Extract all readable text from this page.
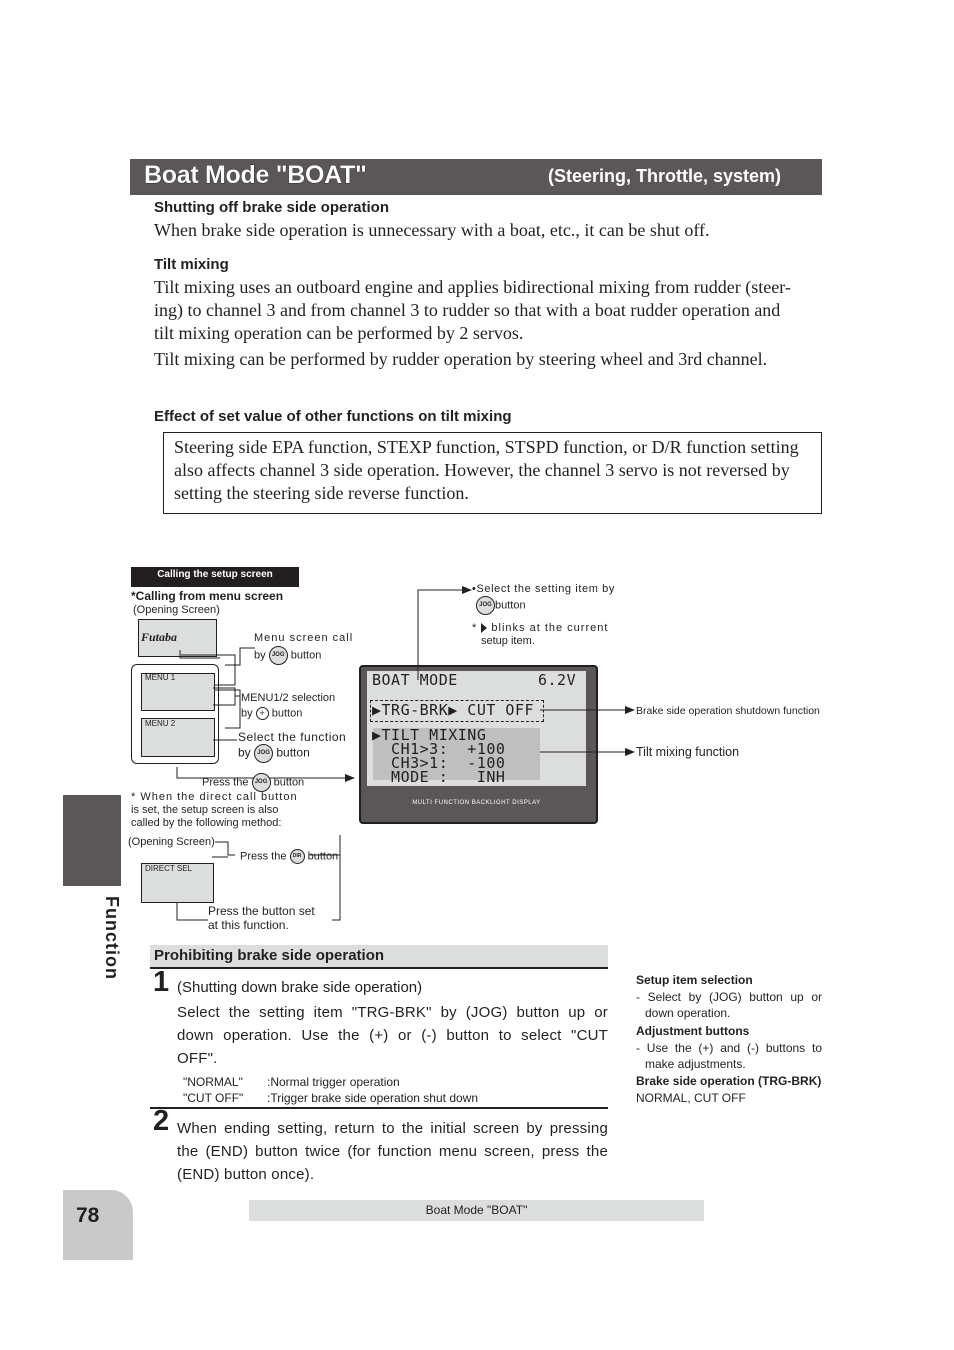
Boat Mode "BOAT"	(Steering, Throttle, system)
Shutting off brake side operation
When brake side operation is unnecessary with a boat, etc., it can be shut off.
Tilt mixing
Tilt mixing uses an outboard engine and applies bidirectional mixing from rudder (steer-
ing) to channel 3 and from channel 3 to rudder so that with a boat rudder operation and
tilt mixing operation can be performed by 2 servos.
Tilt mixing can be performed by rudder operation by steering wheel and 3rd channel.
Effect of set value of other functions on tilt mixing
Steering side EPA function, STEXP function, STSPD function, or D/R function setting
also affects channel 3 side operation. However, the channel 3 servo is not reversed by
setting the steering side reverse function.
Calling the setup screen
*Calling from menu screen
(Opening Screen)
Futaba
MENU 1
MENU 2
Menu screen call
by JOG button
MENU1/2 selection
by + button
Select the function
by JOG button
Press the JOG button
* When the direct call button
is set, the setup screen is also
called by the following method:
(Opening Screen)
DIRECT SEL
Press the DIR button
Press the button set
at this function.
BOAT MODE	6.2V
▶TRG-BRK▶ CUT OFF
▶TILT MIXING
CH1>3:  +100
CH3>1:  -100
MODE :   INH
MULTI FUNCTION BACKLIGHT DISPLAY
•Select the setting item by
JOG button
* blinks at the current
setup item.
Brake side operation shutdown function
Tilt mixing function
Function Prohibiting brake side operation
1 (Shutting down brake side operation)
Select the setting item "TRG-BRK" by (JOG) button up or
down operation. Use the (+) or (-) button to select "CUT
OFF".
"NORMAL" :Normal trigger operation
"CUT OFF" :Trigger brake side operation shut down
2 When ending setting, return to the initial screen by pressing
the (END) button twice (for function menu screen, press the
(END) button once).
Setup item selection
- Select by (JOG) button up or
down operation.
Adjustment buttons
- Use the (+) and (-) buttons to
make adjustments.
Brake side operation (TRG-BRK)
NORMAL, CUT OFF
78	Boat Mode "BOAT"
